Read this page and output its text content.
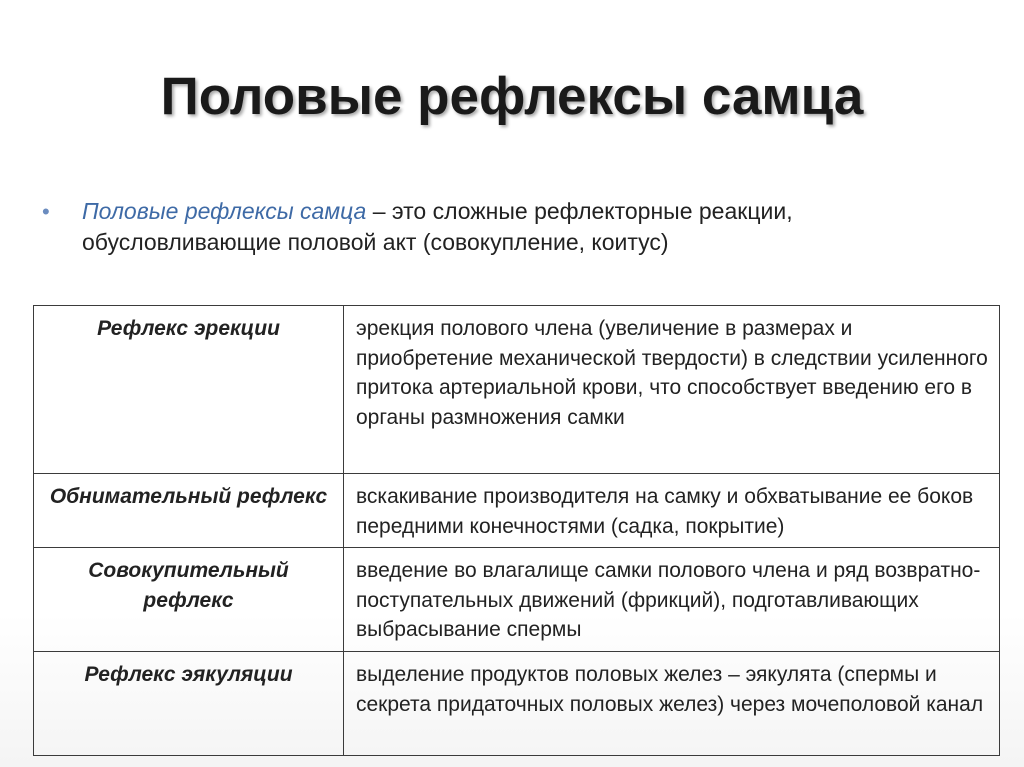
Половые рефлексы самца
•	Половые рефлексы самца – это сложные рефлекторные реакции, обусловливающие половой акт (совокупление, коитус)
Рефлекс эрекции	эрекция полового члена (увеличение в размерах и приобретение механической твердости) в следствии усиленного притока артериальной крови, что способствует введению его в органы размножения самки
Обнимательный рефлекс	вскакивание производителя на самку и обхватывание ее боков передними конечностями (садка, покрытие)
Совокупительный рефлекс	введение во влагалище самки полового члена и ряд возвратно-поступательных движений (фрикций), подготавливающих выбрасывание спермы
Рефлекс эякуляции	выделение продуктов половых желез – эякулята (спермы и секрета придаточных половых желез) через мочеполовой канал
